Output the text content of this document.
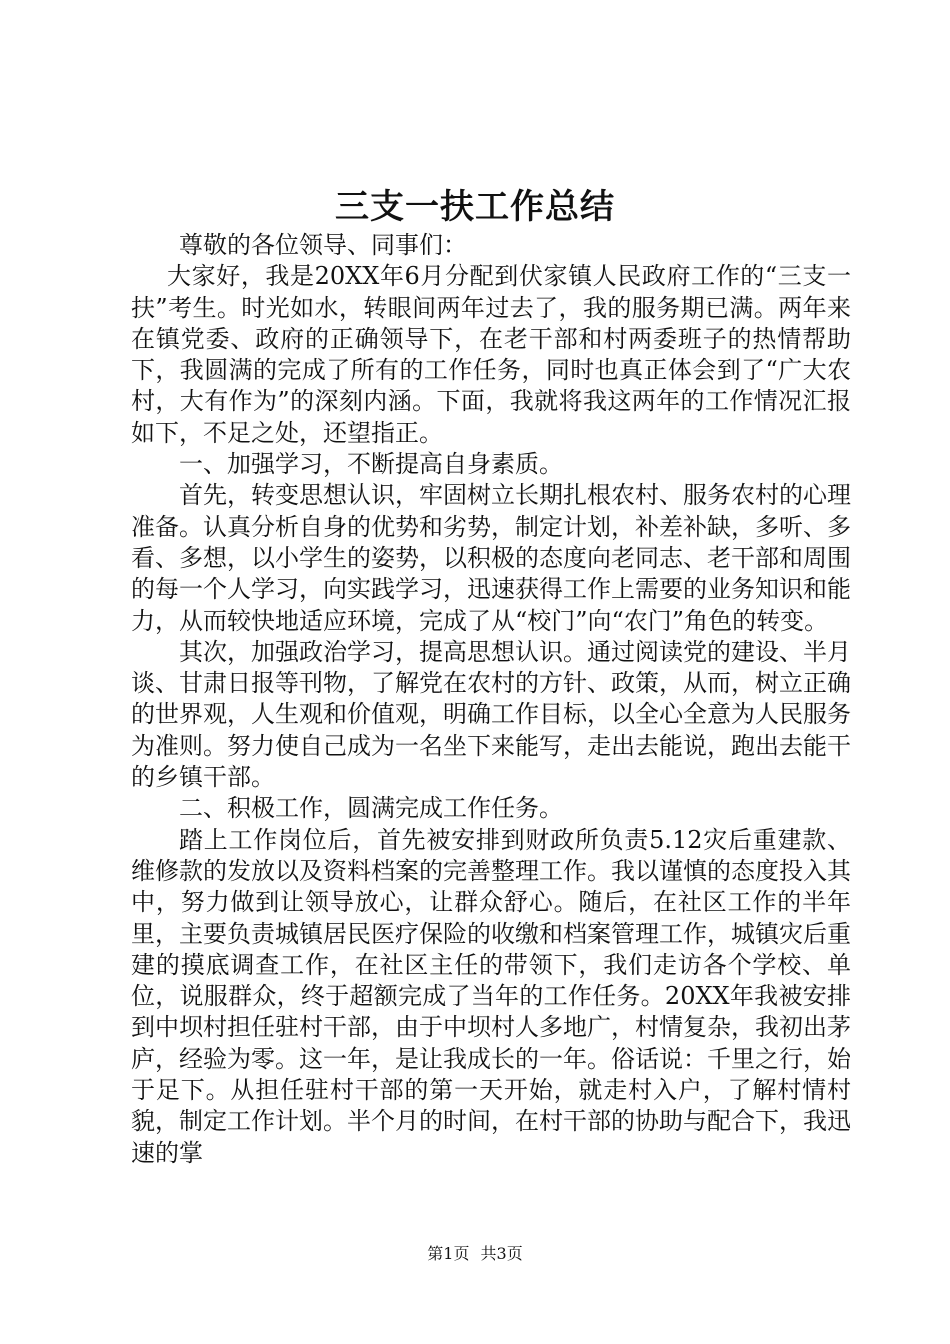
三支一扶工作总结

尊敬的各位领导、同事们：

大家好，我是20XX年6月分配到伏家镇人民政府工作的“三支一扶”考生。时光如水，转眼间两年过去了，我的服务期已满。两年来在镇党委、政府的正确领导下，在老干部和村两委班子的热情帮助下，我圆满的完成了所有的工作任务，同时也真正体会到了“广大农村，大有作为”的深刻内涵。下面，我就将我这两年的工作情况汇报如下，不足之处，还望指正。

一、加强学习，不断提高自身素质。

首先，转变思想认识，牢固树立长期扎根农村、服务农村的心理准备。认真分析自身的优势和劣势，制定计划，补差补缺，多听、多看、多想，以小学生的姿势，以积极的态度向老同志、老干部和周围的每一个人学习，向实践学习，迅速获得工作上需要的业务知识和能力，从而较快地适应环境，完成了从“校门”向“农门”角色的转变。

其次，加强政治学习，提高思想认识。通过阅读党的建设、半月谈、甘肃日报等刊物，了解党在农村的方针、政策，从而，树立正确的世界观，人生观和价值观，明确工作目标，以全心全意为人民服务为准则。努力使自己成为一名坐下来能写，走出去能说，跑出去能干的乡镇干部。

二、积极工作，圆满完成工作任务。

踏上工作岗位后，首先被安排到财政所负责5.12灾后重建款、维修款的发放以及资料档案的完善整理工作。我以谨慎的态度投入其中，努力做到让领导放心，让群众舒心。随后，在社区工作的半年里，主要负责城镇居民医疗保险的收缴和档案管理工作，城镇灾后重建的摸底调查工作，在社区主任的带领下，我们走访各个学校、单位，说服群众，终于超额完成了当年的工作任务。20XX年我被安排到中坝村担任驻村干部，由于中坝村人多地广，村情复杂，我初出茅庐，经验为零。这一年，是让我成长的一年。俗话说：千里之行，始于足下。从担任驻村干部的第一天开始，就走村入户，了解村情村貌，制定工作计划。半个月的时间，在村干部的协助与配合下，我迅速的掌

第1页 共3页
